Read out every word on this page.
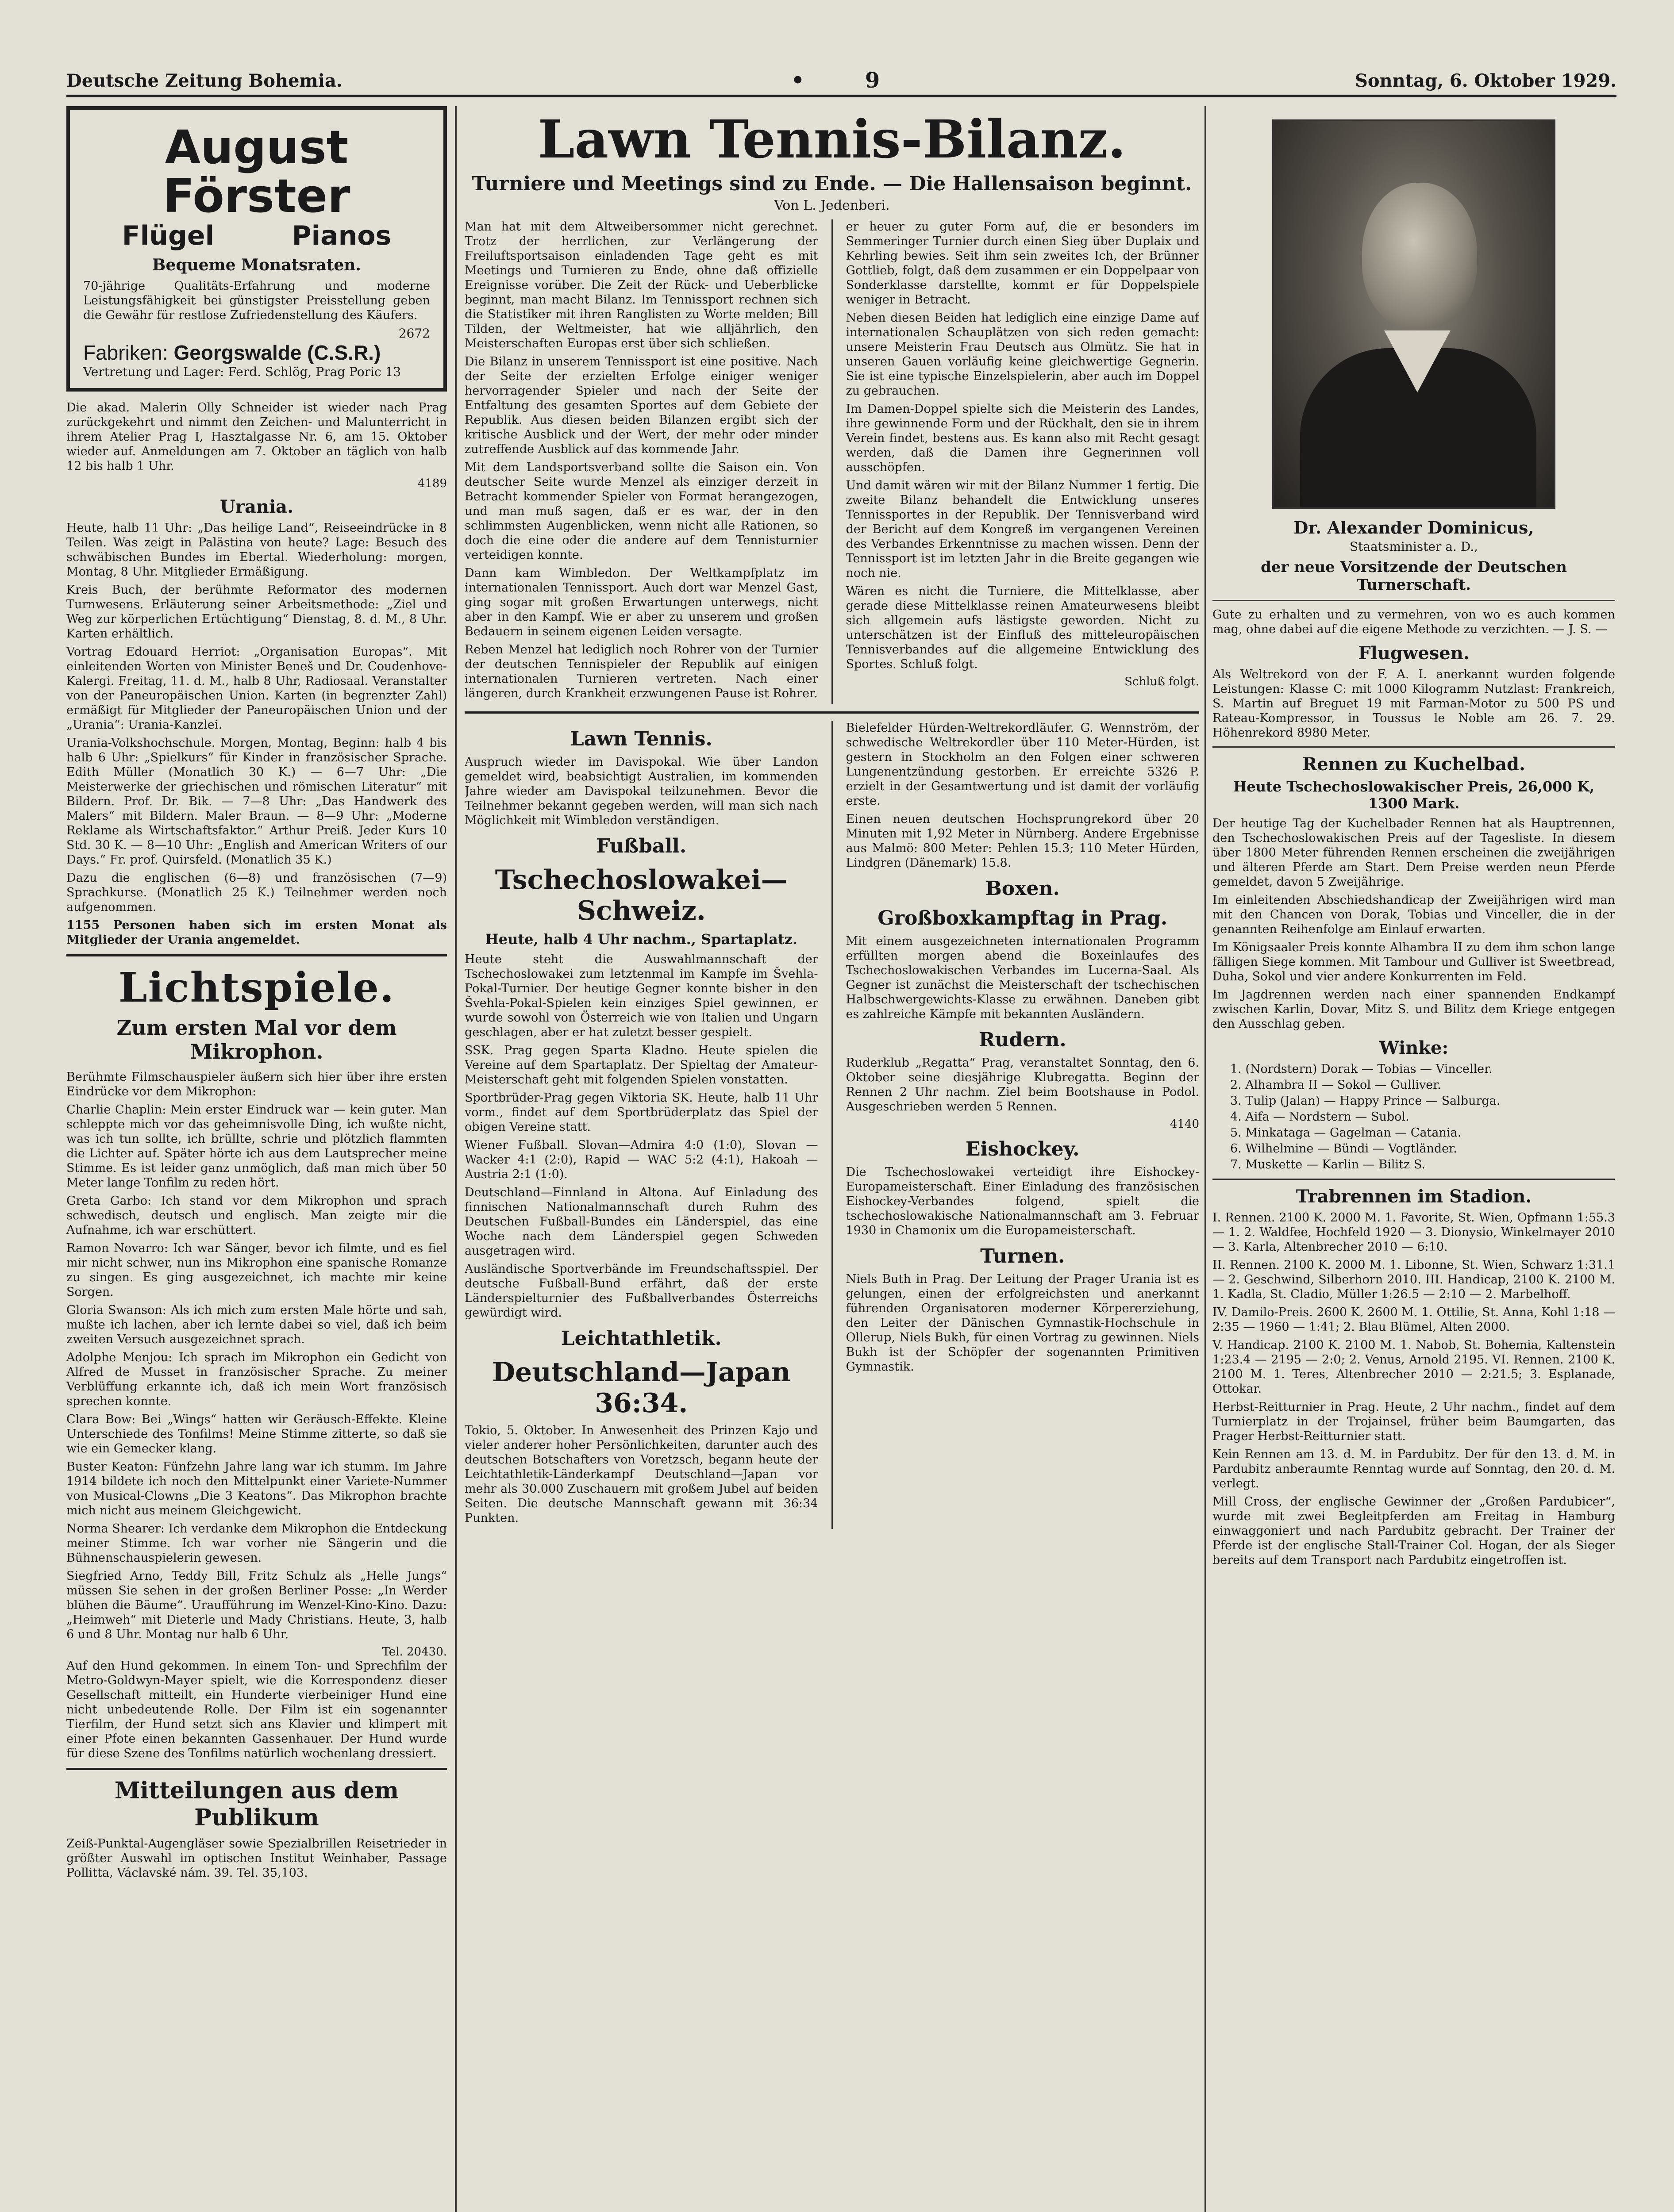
Deutsche Zeitung Bohemia.	• 9	Sonntag, 6. Oktober 1929.
August Förster
Flügel	Pianos
Bequeme Monatsraten.

70-jährige Qualitäts-Erfahrung und moderne Leistungsfähigkeit bei günstigster Preisstellung geben die Gewähr für restlose Zufriedenstellung des Käufers.

2672
Fabriken: Georgswalde (C.S.R.)
Vertretung und Lager: Ferd. Schlög, Prag Poric 13

Die akad. Malerin Olly Schneider ist wieder nach Prag zurückgekehrt und nimmt den Zeichen- und Malunterricht in ihrem Atelier Prag I, Hasztalgasse Nr. 6, am 15. Oktober wieder auf. Anmeldungen am 7. Oktober an täglich von halb 12 bis halb 1 Uhr.

4189
Urania.

Heute, halb 11 Uhr: „Das heilige Land“, Reiseeindrücke in 8 Teilen. Was zeigt in Palästina von heute? Lage: Besuch des schwäbischen Bundes im Ebertal. Wiederholung: morgen, Montag, 8 Uhr. Mitglieder Ermäßigung.

Kreis Buch, der berühmte Reformator des modernen Turnwesens. Erläuterung seiner Arbeitsmethode: „Ziel und Weg zur körperlichen Ertüchtigung“ Dienstag, 8. d. M., 8 Uhr. Karten erhältlich.

Vortrag Edouard Herriot: „Organisation Europas“. Mit einleitenden Worten von Minister Beneš und Dr. Coudenhove-Kalergi. Freitag, 11. d. M., halb 8 Uhr, Radiosaal. Veranstalter von der Paneuropäischen Union. Karten (in begrenzter Zahl) ermäßigt für Mitglieder der Paneuropäischen Union und der „Urania“: Urania-Kanzlei.

Urania-Volkshochschule. Morgen, Montag, Beginn: halb 4 bis halb 6 Uhr: „Spielkurs“ für Kinder in französischer Sprache. Edith Müller (Monatlich 30 K.) — 6—7 Uhr: „Die Meisterwerke der griechischen und römischen Literatur“ mit Bildern. Prof. Dr. Bik. — 7—8 Uhr: „Das Handwerk des Malers“ mit Bildern. Maler Braun. — 8—9 Uhr: „Moderne Reklame als Wirtschaftsfaktor.“ Arthur Preiß. Jeder Kurs 10 Std. 30 K. — 8—10 Uhr: „English and American Writers of our Days.“ Fr. prof. Quirsfeld. (Monatlich 35 K.)

Dazu die englischen (6—8) und französischen (7—9) Sprachkurse. (Monatlich 25 K.) Teilnehmer werden noch aufgenommen.

1155 Personen haben sich im ersten Monat als Mitglieder der Urania angemeldet.

Lichtspiele.
Zum ersten Mal vor dem Mikrophon.

Berühmte Filmschauspieler äußern sich hier über ihre ersten Eindrücke vor dem Mikrophon:

Charlie Chaplin: Mein erster Eindruck war — kein guter. Man schleppte mich vor das geheimnisvolle Ding, ich wußte nicht, was ich tun sollte, ich brüllte, schrie und plötzlich flammten die Lichter auf. Später hörte ich aus dem Lautsprecher meine Stimme. Es ist leider ganz unmöglich, daß man mich über 50 Meter lange Tonfilm zu reden hört.

Greta Garbo: Ich stand vor dem Mikrophon und sprach schwedisch, deutsch und englisch. Man zeigte mir die Aufnahme, ich war erschüttert.

Ramon Novarro: Ich war Sänger, bevor ich filmte, und es fiel mir nicht schwer, nun ins Mikrophon eine spanische Romanze zu singen. Es ging ausgezeichnet, ich machte mir keine Sorgen.

Gloria Swanson: Als ich mich zum ersten Male hörte und sah, mußte ich lachen, aber ich lernte dabei so viel, daß ich beim zweiten Versuch ausgezeichnet sprach.

Adolphe Menjou: Ich sprach im Mikrophon ein Gedicht von Alfred de Musset in französischer Sprache. Zu meiner Verblüffung erkannte ich, daß ich mein Wort französisch sprechen konnte.

Clara Bow: Bei „Wings“ hatten wir Geräusch-Effekte. Kleine Unterschiede des Tonfilms! Meine Stimme zitterte, so daß sie wie ein Gemecker klang.

Buster Keaton: Fünfzehn Jahre lang war ich stumm. Im Jahre 1914 bildete ich noch den Mittelpunkt einer Variete-Nummer von Musical-Clowns „Die 3 Keatons“. Das Mikrophon brachte mich nicht aus meinem Gleichgewicht.

Norma Shearer: Ich verdanke dem Mikrophon die Entdeckung meiner Stimme. Ich war vorher nie Sängerin und die Bühnenschauspielerin gewesen.

Siegfried Arno, Teddy Bill, Fritz Schulz als „Helle Jungs“ müssen Sie sehen in der großen Berliner Posse: „In Werder blühen die Bäume“. Uraufführung im Wenzel-Kino-Kino. Dazu: „Heimweh“ mit Dieterle und Mady Christians. Heute, 3, halb 6 und 8 Uhr. Montag nur halb 6 Uhr.

Tel. 20430.

Auf den Hund gekommen. In einem Ton- und Sprechfilm der Metro-Goldwyn-Mayer spielt, wie die Korrespondenz dieser Gesellschaft mitteilt, ein Hunderte vierbeiniger Hund eine nicht unbedeutende Rolle. Der Film ist ein sogenannter Tierfilm, der Hund setzt sich ans Klavier und klimpert mit einer Pfote einen bekannten Gassenhauer. Der Hund wurde für diese Szene des Tonfilms natürlich wochenlang dressiert.

Mitteilungen aus dem Publikum

Zeiß-Punktal-Augengläser sowie Spezialbrillen Reisetrieder in größter Auswahl im optischen Institut Weinhaber, Passage Pollitta, Václavské nám. 39. Tel. 35,103.

Lawn Tennis-Bilanz.
Turniere und Meetings sind zu Ende. — Die Hallensaison beginnt.
Von L. Jedenberi.

Man hat mit dem Altweibersommer nicht gerechnet. Trotz der herrlichen, zur Verlängerung der Freiluftsportsaison einladenden Tage geht es mit Meetings und Turnieren zu Ende, ohne daß offizielle Ereignisse vorüber. Die Zeit der Rück- und Ueberblicke beginnt, man macht Bilanz. Im Tennissport rechnen sich die Statistiker mit ihren Ranglisten zu Worte melden; Bill Tilden, der Weltmeister, hat wie alljährlich, den Meisterschaften Europas erst über sich schließen.

Die Bilanz in unserem Tennissport ist eine positive. Nach der Seite der erzielten Erfolge einiger weniger hervorragender Spieler und nach der Seite der Entfaltung des gesamten Sportes auf dem Gebiete der Republik. Aus diesen beiden Bilanzen ergibt sich der kritische Ausblick und der Wert, der mehr oder minder zutreffende Ausblick auf das kommende Jahr.

Mit dem Landsportsverband sollte die Saison ein. Von deutscher Seite wurde Menzel als einziger derzeit in Betracht kommender Spieler von Format herangezogen, und man muß sagen, daß er es war, der in den schlimmsten Augenblicken, wenn nicht alle Rationen, so doch die eine oder die andere auf dem Tennisturnier verteidigen konnte.

Dann kam Wimbledon. Der Weltkampfplatz im internationalen Tennissport. Auch dort war Menzel Gast, ging sogar mit großen Erwartungen unterwegs, nicht aber in den Kampf. Wie er aber zu unserem und großen Bedauern in seinem eigenen Leiden versagte.

Reben Menzel hat lediglich noch Rohrer von der Turnier der deutschen Tennispieler der Republik auf einigen internationalen Turnieren vertreten. Nach einer längeren, durch Krankheit erzwungenen Pause ist Rohrer.

er heuer zu guter Form auf, die er besonders im Semmeringer Turnier durch einen Sieg über Duplaix und Kehrling bewies. Seit ihm sein zweites Ich, der Brünner Gottlieb, folgt, daß dem zusammen er ein Doppelpaar von Sonderklasse darstellte, kommt er für Doppelspiele weniger in Betracht.

Neben diesen Beiden hat lediglich eine einzige Dame auf internationalen Schauplätzen von sich reden gemacht: unsere Meisterin Frau Deutsch aus Olmütz. Sie hat in unseren Gauen vorläufig keine gleichwertige Gegnerin. Sie ist eine typische Einzelspielerin, aber auch im Doppel zu gebrauchen.

Im Damen-Doppel spielte sich die Meisterin des Landes, ihre gewinnende Form und der Rückhalt, den sie in ihrem Verein findet, bestens aus. Es kann also mit Recht gesagt werden, daß die Damen ihre Gegnerinnen voll ausschöpfen.

Und damit wären wir mit der Bilanz Nummer 1 fertig. Die zweite Bilanz behandelt die Entwicklung unseres Tennissportes in der Republik. Der Tennisverband wird der Bericht auf dem Kongreß im vergangenen Vereinen des Verbandes Erkenntnisse zu machen wissen. Denn der Tennissport ist im letzten Jahr in die Breite gegangen wie noch nie.

Wären es nicht die Turniere, die Mittelklasse, aber gerade diese Mittelklasse reinen Amateurwesens bleibt sich allgemein aufs lästigste geworden. Nicht zu unterschätzen ist der Einfluß des mitteleuropäischen Tennisverbandes auf die allgemeine Entwicklung des Sportes. Schluß folgt.

Schluß folgt.
Lawn Tennis.

Auspruch wieder im Davispokal. Wie über Landon gemeldet wird, beabsichtigt Australien, im kommenden Jahre wieder am Davispokal teilzunehmen. Bevor die Teilnehmer bekannt gegeben werden, will man sich nach Möglichkeit mit Wimbledon verständigen.

Fußball.
Tschechoslowakei—Schweiz.
Heute, halb 4 Uhr nachm., Spartaplatz.

Heute steht die Auswahlmannschaft der Tschechoslowakei zum letztenmal im Kampfe im Švehla-Pokal-Turnier. Der heutige Gegner konnte bisher in den Švehla-Pokal-Spielen kein einziges Spiel gewinnen, er wurde sowohl von Österreich wie von Italien und Ungarn geschlagen, aber er hat zuletzt besser gespielt.

SSK. Prag gegen Sparta Kladno. Heute spielen die Vereine auf dem Spartaplatz. Der Spieltag der Amateur-Meisterschaft geht mit folgenden Spielen vonstatten.

Sportbrüder-Prag gegen Viktoria SK. Heute, halb 11 Uhr vorm., findet auf dem Sportbrüderplatz das Spiel der obigen Vereine statt.

Wiener Fußball. Slovan—Admira 4:0 (1:0), Slovan — Wacker 4:1 (2:0), Rapid — WAC 5:2 (4:1), Hakoah — Austria 2:1 (1:0).

Deutschland—Finnland in Altona. Auf Einladung des finnischen Nationalmannschaft durch Ruhm des Deutschen Fußball-Bundes ein Länderspiel, das eine Woche nach dem Länderspiel gegen Schweden ausgetragen wird.

Ausländische Sportverbände im Freundschaftsspiel. Der deutsche Fußball-Bund erfährt, daß der erste Länderspielturnier des Fußballverbandes Österreichs gewürdigt wird.

Leichtathletik.
Deutschland—Japan 36:34.

Tokio, 5. Oktober. In Anwesenheit des Prinzen Kajo und vieler anderer hoher Persönlichkeiten, darunter auch des deutschen Botschafters von Voretzsch, begann heute der Leichtathletik-Länderkampf Deutschland—Japan vor mehr als 30.000 Zuschauern mit großem Jubel auf beiden Seiten. Die deutsche Mannschaft gewann mit 36:34 Punkten.

Bielefelder Hürden-Weltrekordläufer. G. Wennström, der schwedische Weltrekordler über 110 Meter-Hürden, ist gestern in Stockholm an den Folgen einer schweren Lungenentzündung gestorben. Er erreichte 5326 P. erzielt in der Gesamtwertung und ist damit der vorläufig erste.

Einen neuen deutschen Hochsprungrekord über 20 Minuten mit 1,92 Meter in Nürnberg. Andere Ergebnisse aus Malmö: 800 Meter: Pehlen 15.3; 110 Meter Hürden, Lindgren (Dänemark) 15.8.

Boxen.
Großboxkampftag in Prag.

Mit einem ausgezeichneten internationalen Programm erfüllten morgen abend die Boxeinlaufes des Tschechoslowakischen Verbandes im Lucerna-Saal. Als Gegner ist zunächst die Meisterschaft der tschechischen Halbschwergewichts-Klasse zu erwähnen. Daneben gibt es zahlreiche Kämpfe mit bekannten Ausländern.

Rudern.

Ruderklub „Regatta“ Prag, veranstaltet Sonntag, den 6. Oktober seine diesjährige Klubregatta. Beginn der Rennen 2 Uhr nachm. Ziel beim Bootshause in Podol. Ausgeschrieben werden 5 Rennen.

4140
Eishockey.

Die Tschechoslowakei verteidigt ihre Eishockey-Europameisterschaft. Einer Einladung des französischen Eishockey-Verbandes folgend, spielt die tschechoslowakische Nationalmannschaft am 3. Februar 1930 in Chamonix um die Europameisterschaft.

Turnen.

Niels Buth in Prag. Der Leitung der Prager Urania ist es gelungen, einen der erfolgreichsten und anerkannt führenden Organisatoren moderner Körpererziehung, den Leiter der Dänischen Gymnastik-Hochschule in Ollerup, Niels Bukh, für einen Vortrag zu gewinnen. Niels Bukh ist der Schöpfer der sogenannten Primitiven Gymnastik.

Dr. Alexander Dominicus,
Staatsminister a. D.,
der neue Vorsitzende der Deutschen Turnerschaft.

Gute zu erhalten und zu vermehren, von wo es auch kommen mag, ohne dabei auf die eigene Methode zu verzichten. — J. S. —

Flugwesen.

Als Weltrekord von der F. A. I. anerkannt wurden folgende Leistungen: Klasse C: mit 1000 Kilogramm Nutzlast: Frankreich, S. Martin auf Breguet 19 mit Farman-Motor zu 500 PS und Rateau-Kompressor, in Toussus le Noble am 26. 7. 29. Höhenrekord 8980 Meter.

Rennen zu Kuchelbad.
Heute Tschechoslowakischer Preis, 26,000 K, 1300 Mark.

Der heutige Tag der Kuchelbader Rennen hat als Hauptrennen, den Tschechoslowakischen Preis auf der Tagesliste. In diesem über 1800 Meter führenden Rennen erscheinen die zweijährigen und älteren Pferde am Start. Dem Preise werden neun Pferde gemeldet, davon 5 Zweijährige.

Im einleitenden Abschiedshandicap der Zweijährigen wird man mit den Chancen von Dorak, Tobias und Vinceller, die in der genannten Reihenfolge am Einlauf erwarten.

Im Königsaaler Preis konnte Alhambra II zu dem ihm schon lange fälligen Siege kommen. Mit Tambour und Gulliver ist Sweetbread, Duha, Sokol und vier andere Konkurrenten im Feld.

Im Jagdrennen werden nach einer spannenden Endkampf zwischen Karlin, Dovar, Mitz S. und Bilitz dem Kriege entgegen den Ausschlag geben.

Winke:
1. (Nordstern) Dorak — Tobias — Vinceller.
2. Alhambra II — Sokol — Gulliver.
3. Tulip (Jalan) — Happy Prince — Salburga.
4. Aifa — Nordstern — Subol.
5. Minkataga — Gagelman — Catania.
6. Wilhelmine — Bündi — Vogtländer.
7. Muskette — Karlin — Bilitz S.
Trabrennen im Stadion.

I. Rennen. 2100 K. 2000 M. 1. Favorite, St. Wien, Opfmann 1:55.3 — 1. 2. Waldfee, Hochfeld 1920 — 3. Dionysio, Winkelmayer 2010 — 3. Karla, Altenbrecher 2010 — 6:10.

II. Rennen. 2100 K. 2000 M. 1. Libonne, St. Wien, Schwarz 1:31.1 — 2. Geschwind, Silberhorn 2010. III. Handicap, 2100 K. 2100 M. 1. Kadla, St. Cladio, Müller 1:26.5 — 2:10 — 2. Marbelhoff.

IV. Damilo-Preis. 2600 K. 2600 M. 1. Ottilie, St. Anna, Kohl 1:18 — 2:35 — 1960 — 1:41; 2. Blau Blümel, Alten 2000.

V. Handicap. 2100 K. 2100 M. 1. Nabob, St. Bohemia, Kaltenstein 1:23.4 — 2195 — 2:0; 2. Venus, Arnold 2195. VI. Rennen. 2100 K. 2100 M. 1. Teres, Altenbrecher 2010 — 2:21.5; 3. Esplanade, Ottokar.

Herbst-Reitturnier in Prag. Heute, 2 Uhr nachm., findet auf dem Turnierplatz in der Trojainsel, früher beim Baumgarten, das Prager Herbst-Reitturnier statt.

Kein Rennen am 13. d. M. in Pardubitz. Der für den 13. d. M. in Pardubitz anberaumte Renntag wurde auf Sonntag, den 20. d. M. verlegt.

Mill Cross, der englische Gewinner der „Großen Pardubicer“, wurde mit zwei Begleitpferden am Freitag in Hamburg einwaggoniert und nach Pardubitz gebracht. Der Trainer der Pferde ist der englische Stall-Trainer Col. Hogan, der als Sieger bereits auf dem Transport nach Pardubitz eingetroffen ist.
